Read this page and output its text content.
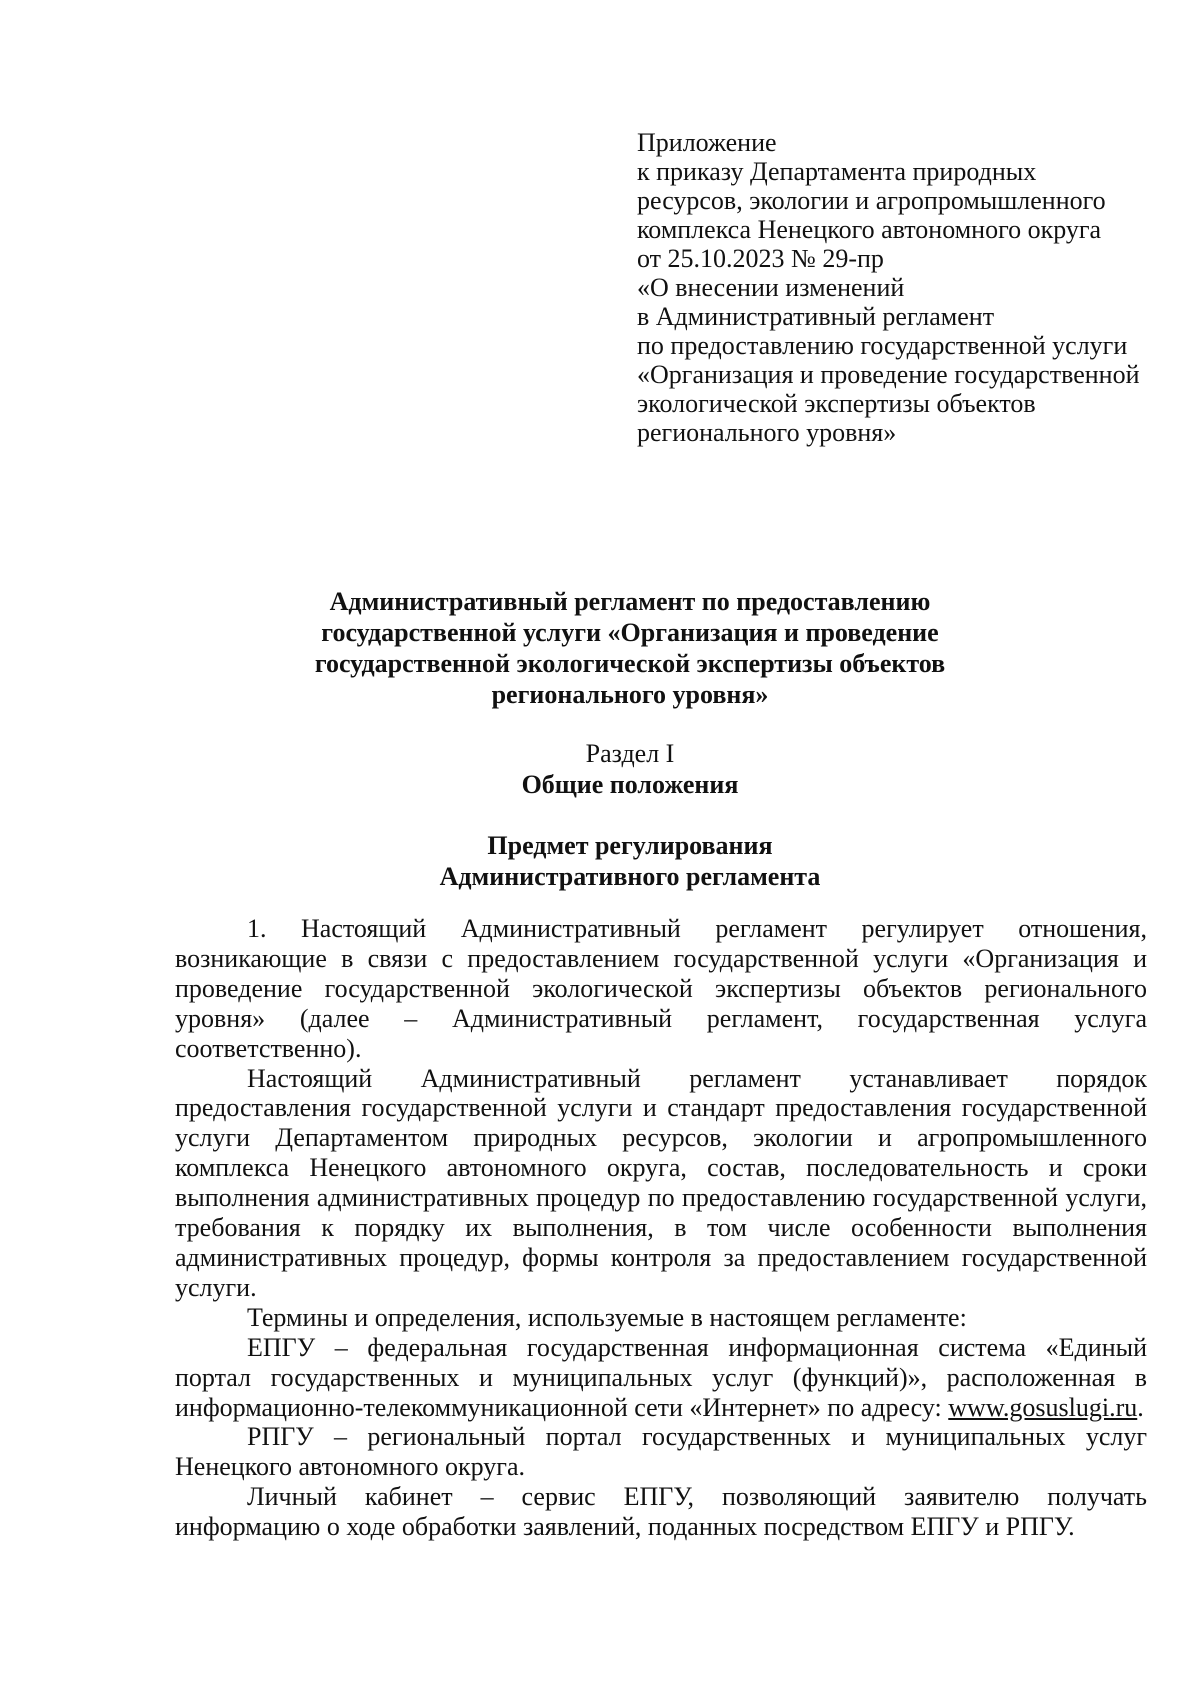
Приложение
к приказу Департамента природных
ресурсов, экологии и агропромышленного
комплекса Ненецкого автономного округа
от 25.10.2023 № 29-пр
«О внесении изменений
в Административный регламент
по предоставлению государственной услуги
«Организация и проведение государственной
экологической экспертизы объектов
регионального уровня»
Административный регламент по предоставлению
государственной услуги «Организация и проведение
государственной экологической экспертизы объектов
регионального уровня»
Раздел I
Общие положения
Предмет регулирования
Административного регламента

1. Настоящий Административный регламент регулирует отношения, возникающие в связи с предоставлением государственной услуги «Организация и проведение государственной экологической экспертизы объектов регионального уровня» (далее – Административный регламент, государственная услуга соответственно).

Настоящий Административный регламент устанавливает порядок предоставления государственной услуги и стандарт предоставления государственной услуги Департаментом природных ресурсов, экологии и агропромышленного комплекса Ненецкого автономного округа, состав, последовательность и сроки выполнения административных процедур по предоставлению государственной услуги, требования к порядку их выполнения, в том числе особенности выполнения административных процедур, формы контроля за предоставлением государственной услуги.

Термины и определения, используемые в настоящем регламенте:

ЕПГУ – федеральная государственная информационная система «Единый портал государственных и муниципальных услуг (функций)», расположенная в информационно-телекоммуникационной сети «Интернет» по адресу: www.gosuslugi.ru.

РПГУ – региональный портал государственных и муниципальных услуг Ненецкого автономного округа.

Личный кабинет – сервис ЕПГУ, позволяющий заявителю получать информацию о ходе обработки заявлений, поданных посредством ЕПГУ и РПГУ.
